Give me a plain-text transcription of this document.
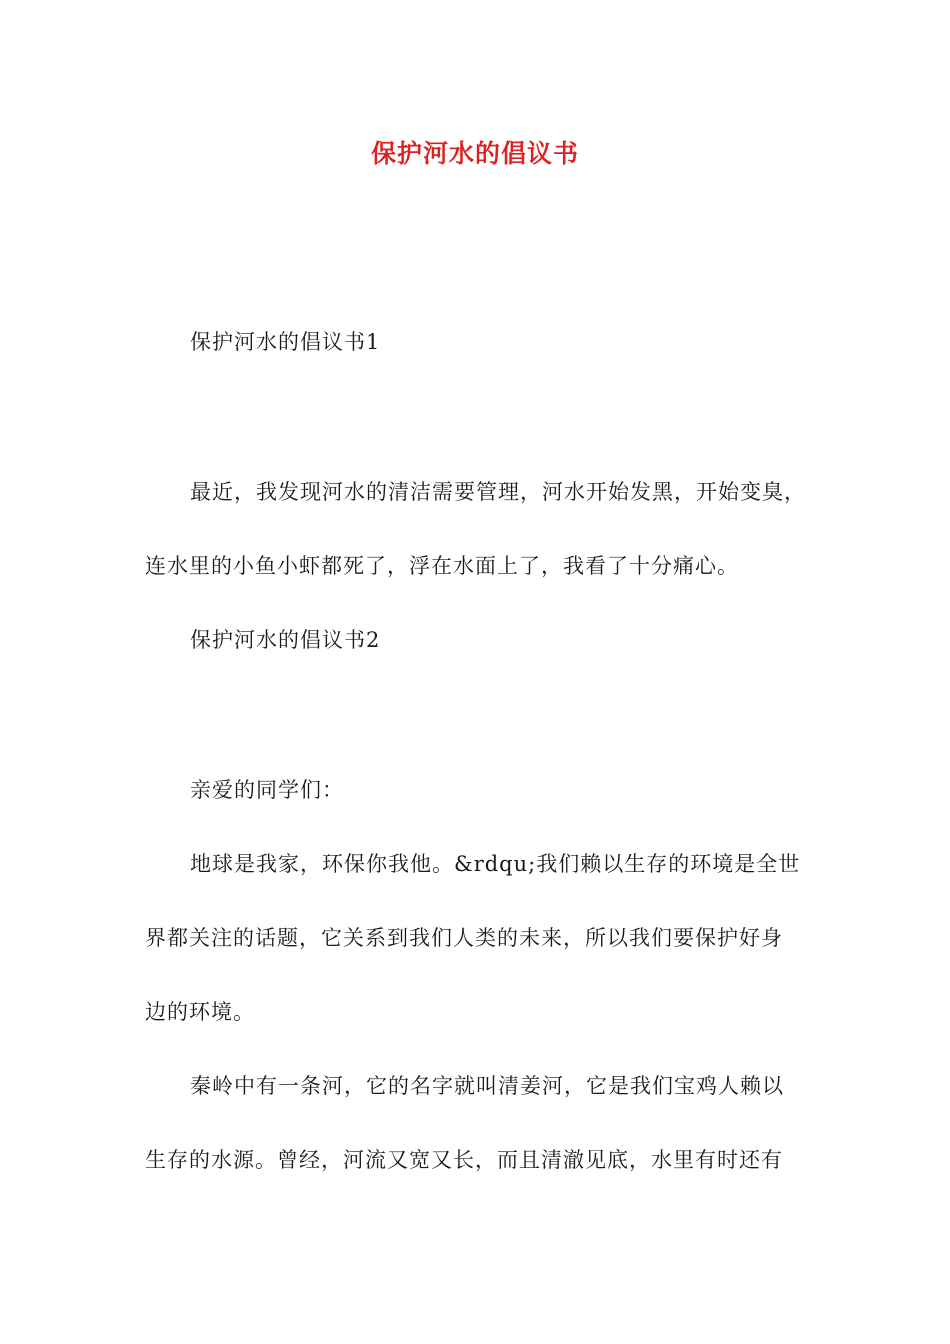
保护河水的倡议书
保护河水的倡议书1
最近，我发现河水的清洁需要管理，河水开始发黑，开始变臭，
连水里的小鱼小虾都死了，浮在水面上了，我看了十分痛心。
保护河水的倡议书2
亲爱的同学们：
地球是我家，环保你我他。&rdqu;我们赖以生存的环境是全世
界都关注的话题，它关系到我们人类的未来，所以我们要保护好身
边的环境。
秦岭中有一条河，它的名字就叫清姜河，它是我们宝鸡人赖以
生存的水源。曾经，河流又宽又长，而且清澈见底，水里有时还有
